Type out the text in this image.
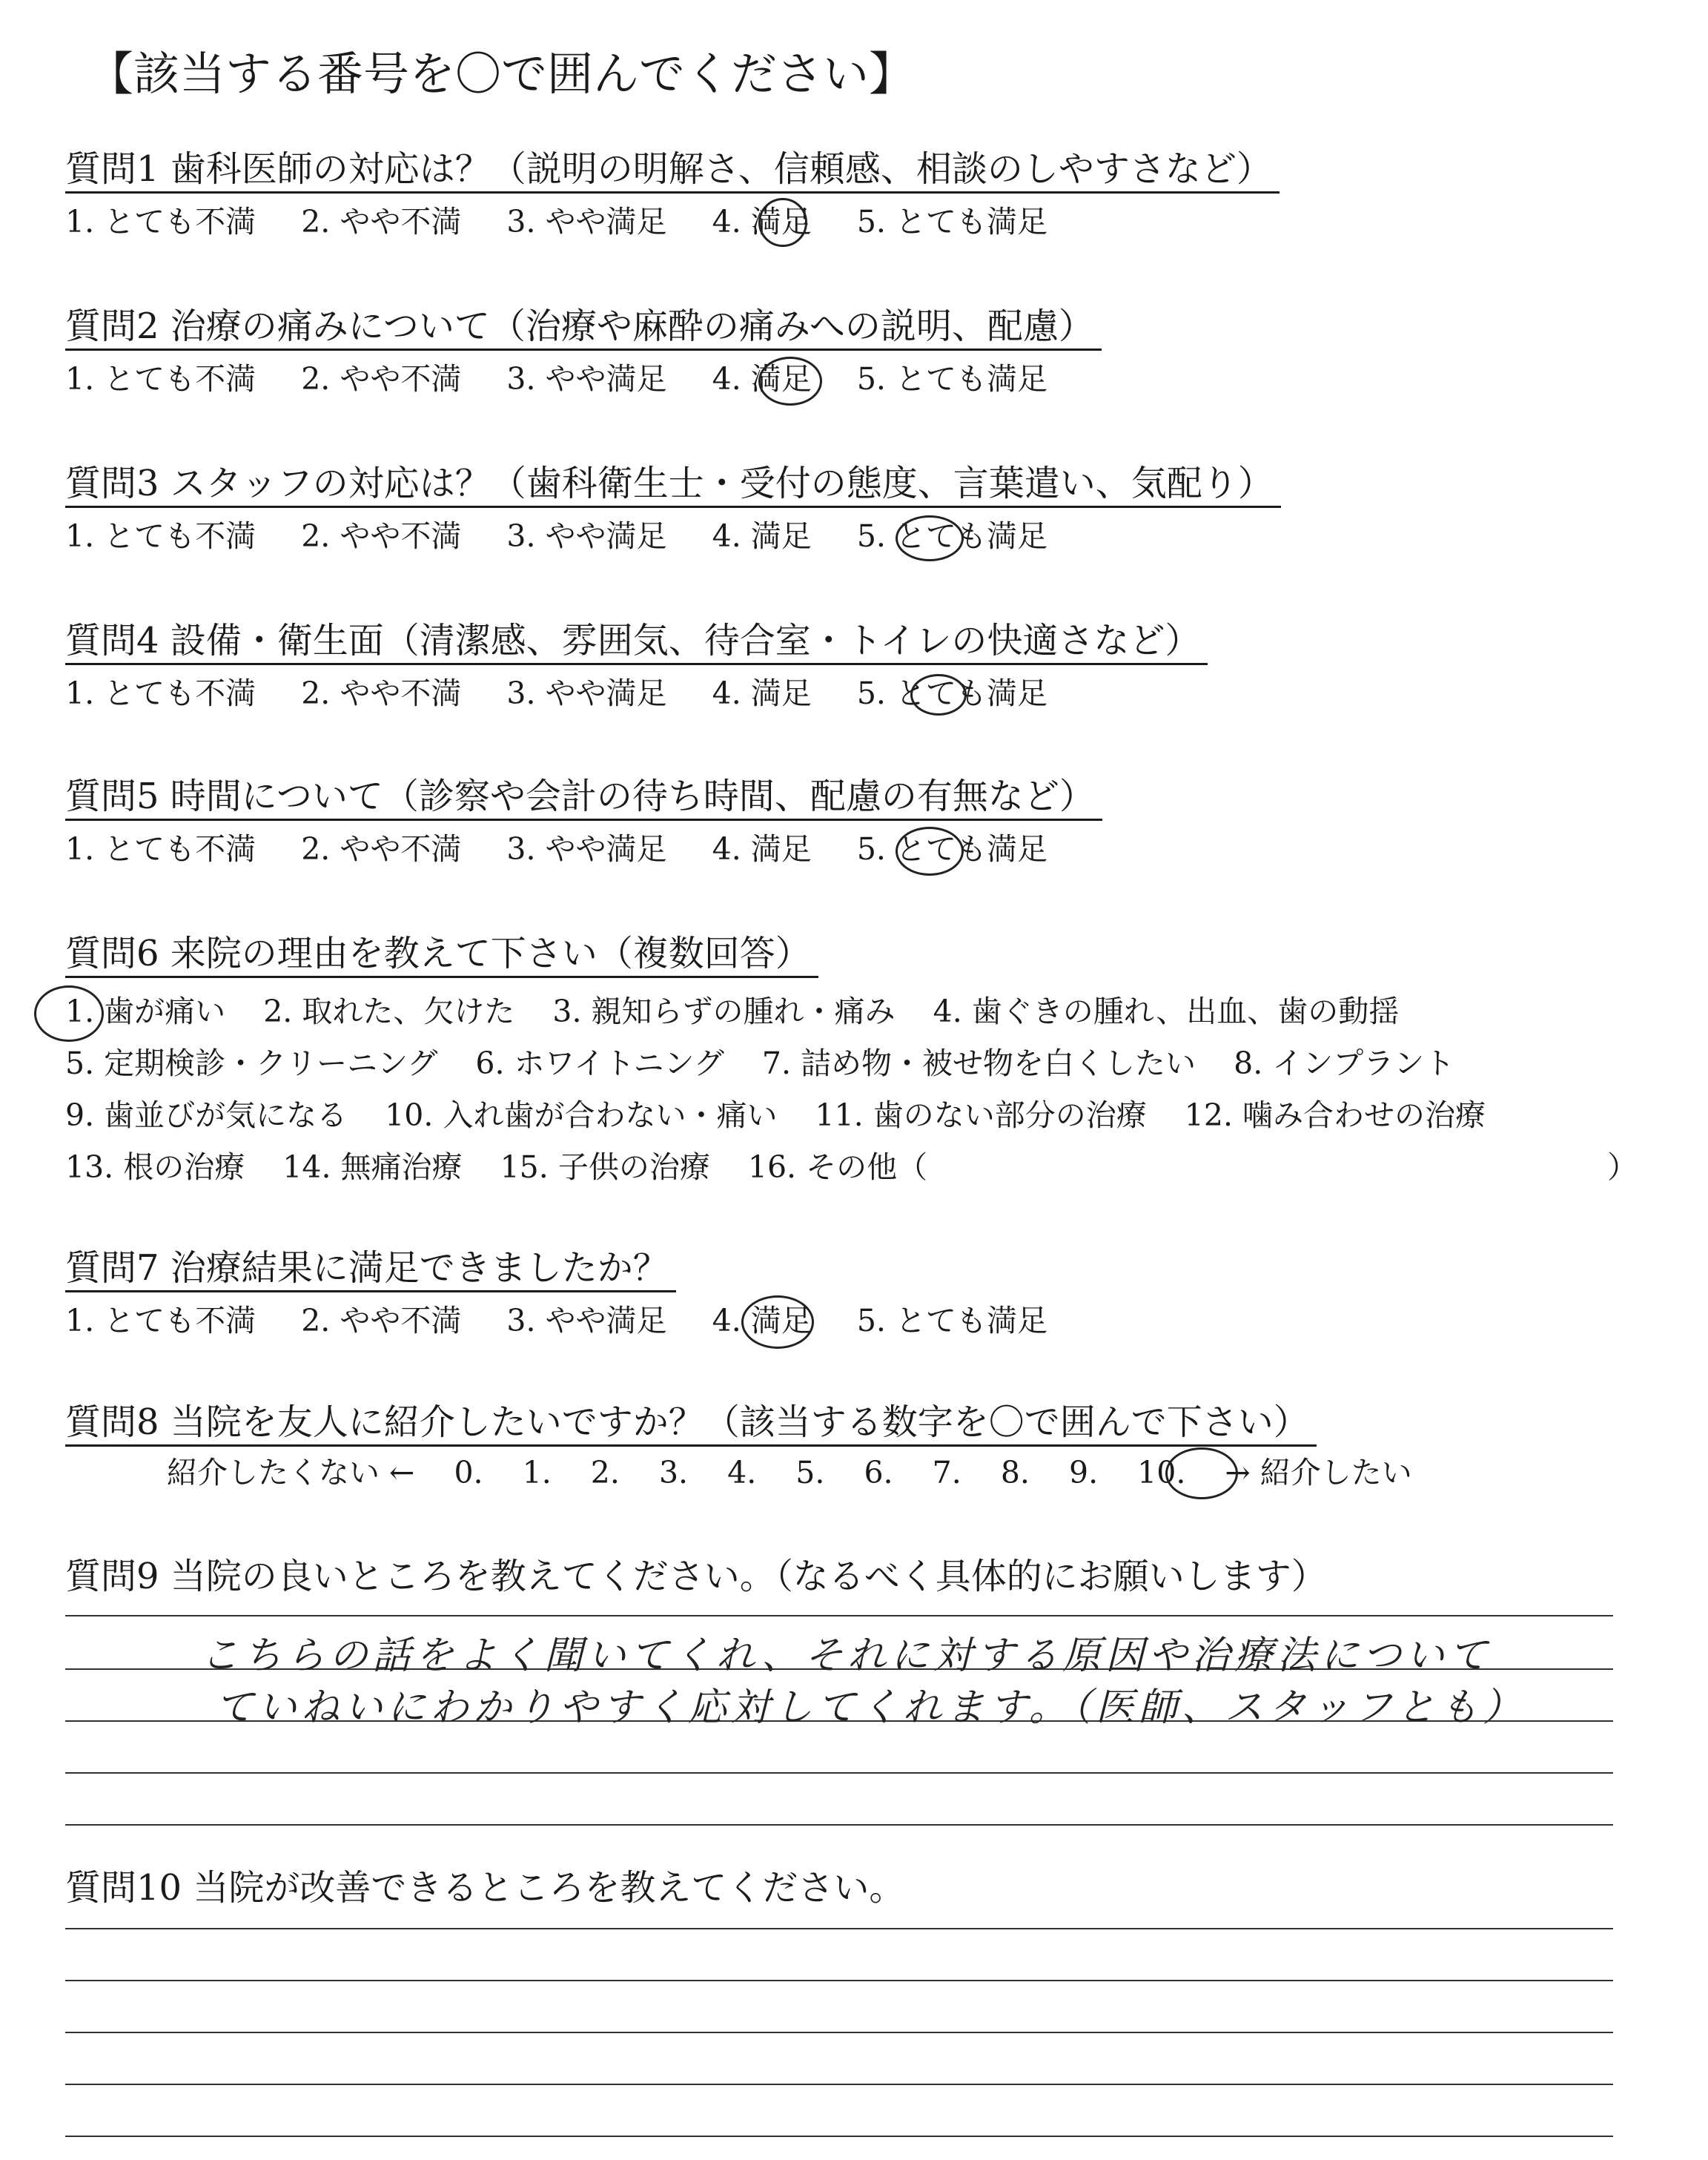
【該当する番号を〇で囲んでください】
質問1 歯科医師の対応は？（説明の明解さ、信頼感、相談のしやすさなど）
1. とても不満 2. やや不満 3. やや満足 4. 満足 5. とても満足
質問2 治療の痛みについて（治療や麻酔の痛みへの説明、配慮）
1. とても不満 2. やや不満 3. やや満足 4. 満足 5. とても満足
質問3 スタッフの対応は？（歯科衛生士・受付の態度、言葉遣い、気配り）
1. とても不満 2. やや不満 3. やや満足 4. 満足 5. とても満足
質問4 設備・衛生面（清潔感、雰囲気、待合室・トイレの快適さなど）
1. とても不満 2. やや不満 3. やや満足 4. 満足 5. とても満足
質問5 時間について（診察や会計の待ち時間、配慮の有無など）
1. とても不満 2. やや不満 3. やや満足 4. 満足 5. とても満足
質問6 来院の理由を教えて下さい（複数回答）
1. 歯が痛い 2. 取れた、欠けた 3. 親知らずの腫れ・痛み 4. 歯ぐきの腫れ、出血、歯の動揺
5. 定期検診・クリーニング 6. ホワイトニング 7. 詰め物・被せ物を白くしたい 8. インプラント
9. 歯並びが気になる 10. 入れ歯が合わない・痛い 11. 歯のない部分の治療 12. 噛み合わせの治療
13. 根の治療 14. 無痛治療 15. 子供の治療 16. その他（	）
質問7 治療結果に満足できましたか？
1. とても不満 2. やや不満 3. やや満足 4. 満足 5. とても満足
質問8 当院を友人に紹介したいですか？（該当する数字を〇で囲んで下さい）
紹介したくない ← 0. 1. 2. 3. 4. 5. 6. 7. 8. 9. 10. → 紹介したい
質問9 当院の良いところを教えてください。（なるべく具体的にお願いします）
こちらの話をよく聞いてくれ、それに対する原因や治療法について
ていねいにわかりやすく応対してくれます。（医師、スタッフとも）
質問10 当院が改善できるところを教えてください。
